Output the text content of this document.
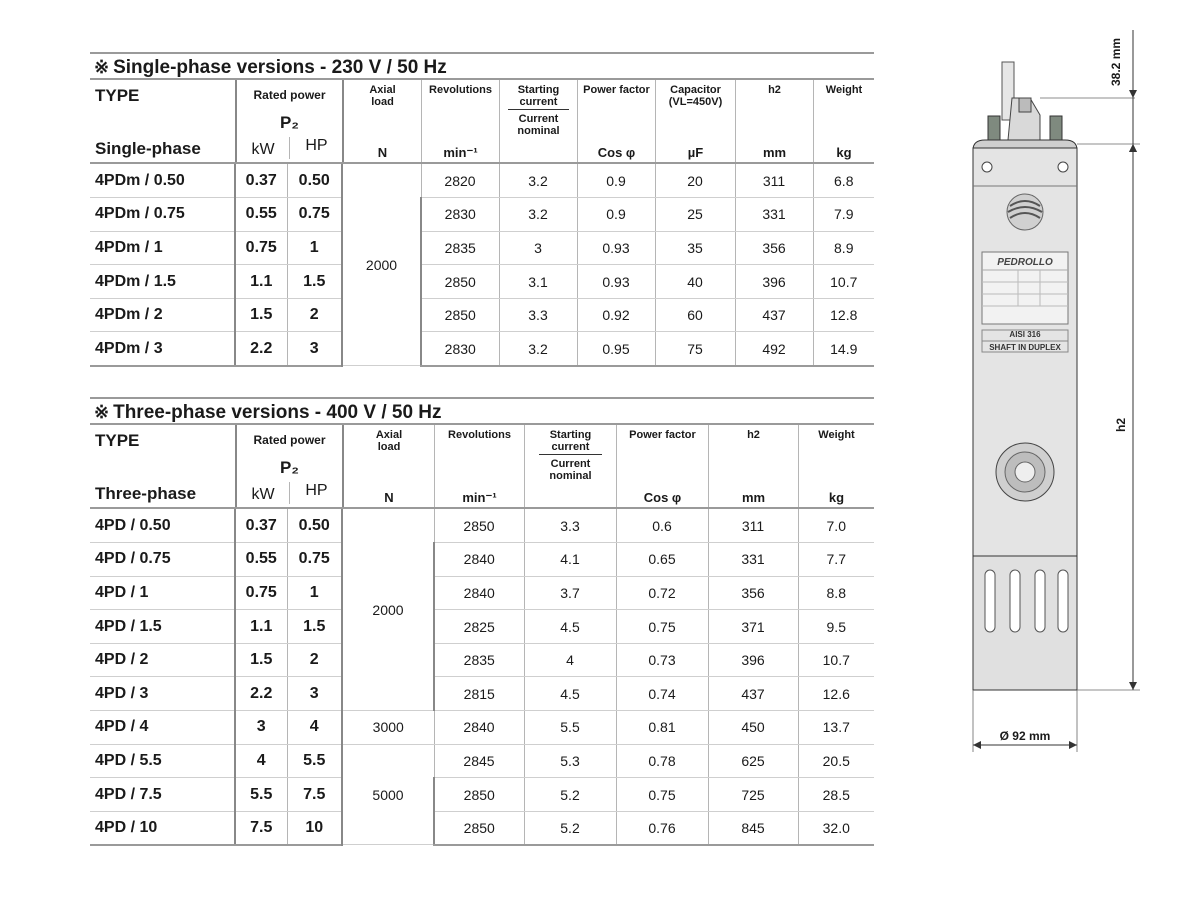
※ Single-phase versions - 230 V / 50 Hz
TYPE
Single-phase
Rated power
P₂
kW	HP
Axial load
N
Revolutions
min⁻¹
Starting current
Current nominal
Power factor
Cos φ
Capacitor (VL=450V)
µF
h2
mm
Weight
kg
4PDm / 0.50	0.37	0.50	2000	2820	3.2	0.9	20	311	6.8
4PDm / 0.75	0.55	0.75		2830	3.2	0.9	25	331	7.9
4PDm / 1	0.75	1		2835	3	0.93	35	356	8.9
4PDm / 1.5	1.1	1.5		2850	3.1	0.93	40	396	10.7
4PDm / 2	1.5	2		2850	3.3	0.92	60	437	12.8
4PDm / 3	2.2	3		2830	3.2	0.95	75	492	14.9
※ Three-phase versions - 400 V / 50 Hz
TYPE
Three-phase
Rated power
P₂
kW	HP
Axial load
N
Revolutions
min⁻¹
Starting current
Current nominal
Power factor
Cos φ
h2
mm
Weight
kg
4PD / 0.50	0.37	0.50	2000	2850	3.3	0.6	311	7.0
4PD / 0.75	0.55	0.75		2840	4.1	0.65	331	7.7
4PD / 1	0.75	1		2840	3.7	0.72	356	8.8
4PD / 1.5	1.1	1.5		2825	4.5	0.75	371	9.5
4PD / 2	1.5	2		2835	4	0.73	396	10.7
4PD / 3	2.2	3		2815	4.5	0.74	437	12.6
4PD / 4	3	4	3000	2840	5.5	0.81	450	13.7
4PD / 5.5	4	5.5	5000	2845	5.3	0.78	625	20.5
4PD / 7.5	5.5	7.5		2850	5.2	0.75	725	28.5
4PD / 10	7.5	10		2850	5.2	0.76	845	32.0
PEDROLLO
AISI 316
SHAFT IN DUPLEX
38.2 mm
h2
Ø 92 mm
